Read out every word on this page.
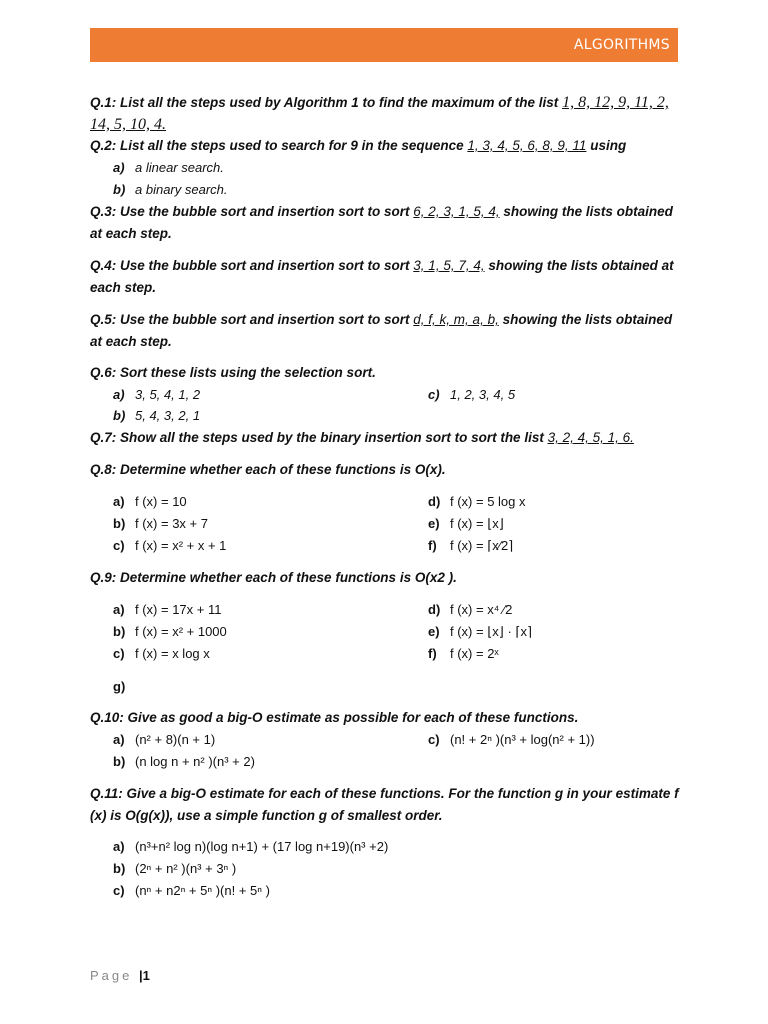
ALGORITHMS
Q.1: List all the steps used by Algorithm 1 to find the maximum of the list 1, 8, 12, 9, 11, 2, 14, 5, 10, 4.
Q.2: List all the steps used to search for 9 in the sequence 1, 3, 4, 5, 6, 8, 9, 11 using
a) a linear search.
b) a binary search.
Q.3: Use the bubble sort and insertion sort to sort 6, 2, 3, 1, 5, 4, showing the lists obtained at each step.
Q.4: Use the bubble sort and insertion sort to sort 3, 1, 5, 7, 4, showing the lists obtained at each step.
Q.5: Use the bubble sort and insertion sort to sort d, f, k, m, a, b, showing the lists obtained at each step.
Q.6: Sort these lists using the selection sort.
a) 3, 5, 4, 1, 2
b) 5, 4, 3, 2, 1
c) 1, 2, 3, 4, 5
Q.7: Show all the steps used by the binary insertion sort to sort the list 3, 2, 4, 5, 1, 6.
Q.8: Determine whether each of these functions is O(x).
a) f (x) = 10
b) f (x) = 3x + 7
c) f (x) = x² + x + 1
d) f (x) = 5 log x
e) f (x) = ⌊x⌋
f) f (x) = ⌈x⁄2⌉
Q.9: Determine whether each of these functions is O(x2 ).
a) f (x) = 17x + 11
b) f (x) = x² + 1000
c) f (x) = x log x
d) f (x) = x⁴ ⁄2
e) f (x) = ⌊x⌋ · ⌈x⌉
f) f (x) = 2ˣ
g)
Q.10: Give as good a big-O estimate as possible for each of these functions.
a) (n² + 8)(n + 1)
b) (n log n + n² )(n³ + 2)
c) (n! + 2ⁿ )(n³ + log(n² + 1))
Q.11: Give a big-O estimate for each of these functions. For the function g in your estimate f (x) is O(g(x)), use a simple function g of smallest order.
a) (n³+n² log n)(log n+1) + (17 log n+19)(n³ +2)
b) (2ⁿ + n² )(n³ + 3ⁿ )
c) (nⁿ + n2ⁿ + 5ⁿ )(n! + 5ⁿ )
Page |1
